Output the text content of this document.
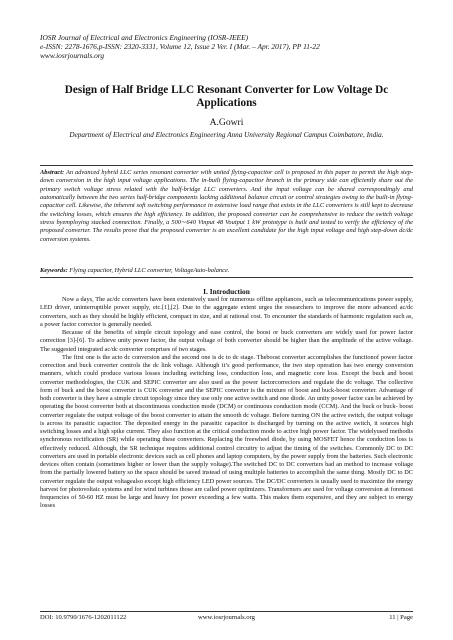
IOSR Journal of Electrical and Electronics Engineering (IOSR-JEEE)
e-ISSN: 2278-1676,p-ISSN: 2320-3331, Volume 12, Issue 2 Ver. I (Mar. – Apr. 2017), PP 11-22
www.iosrjournals.org
Design of Half Bridge LLC Resonant Converter for Low Voltage Dc Applications
A.Gowri
Department of Electrical and Electronics Engineering Anna University Regional Campus Coimbatore, India.
Abstract: An advanced hybrid LLC series resonant converter with united flying-capacitor cell is proposed in this paper to permit the high step-down conversion in the high input voltage applications. The in-built flying-capacitor branch in the primary side can efficiently share out the primary switch voltage stress related with the half-bridge LLC converters. And the input voltage can be shared correspondingly and automatically between the two series half-bridge components lacking additional balance circuit or control strategies owing to the built-in flying- capacitor cell. Likewise, the inherent soft switching performance in extensive load range that exists in the LLC converters is still kept to decrease the switching losses, which ensures the high efficiency. In addition, the proposed converter can be comprehensive to reduce the switch voltage stress byemploying stacked connection. Finally, a 500∼640 Vinput 48 Voutput 1 kW prototype is built and tested to verify the efficiency of the proposed converter. The results prove that the proposed converter is an excellent candidate for the high input voltage and high step-down dc/dc conversion systems.
Keywords: Flying capacitor, Hybrid LLC converter, VoltageAuto-balance.
I. Introduction

Now a days, The ac/dc converters have been extensively used for numerous offline appliances, such as telecommunications power supply, LED driver, uninterruptible power supply, etc.[1],[2]. Due to the aggregate extent urges the researchers to improve the more advanced ac/dc converters, such as they should be highly efficient, compact in size, and at rational cost. To encounter the standards of harmonic regulation such as, a power factor corrector is generally needed.

Because of the benefits of simple circuit topology and ease control, the boost or buck converters are widely used for power factor correction [3]-[6]. To achieve unity power factor, the output voltage of both converter should be higher than the amplitude of the active voltage. The suggested integrated ac/dc converter comprises of two stages.

The first one is the acto dc conversion and the second one is dc to dc stage. Theboost converter accomplishes the functionof power factor correction and buck converter controls the dc link voltage. Although it’s good performance, the two step operation has two energy conversion manners, which could produce various losses including switching loss, conduction loss, and magnetic core loss. Except the buck and boost converter methodologies, the CUK and SEPIC converter are also used as the power factorcorrectors and regulate the dc voltage. The collective form of buck and the boost converter is CUK converter and the SEPIC converter is the mixture of boost and buck-boost converter. Advantage of both converter is they have a simple circuit topology since they use only one active switch and one diode. An unity power factor can be achieved by operating the boost converter both at discontinuous conduction mode (DCM) or continuous conduction mode (CCM). And the buck or buck- boost converter regulate the output voltage of the boost converter to attain the smooth dc voltage. Before turning ON the active switch, the output voltage is across its parasitic capacitor. The deposited energy in the parasitic capacitor is discharged by turning on the active switch, it sources high switching losses and a high spike current. They also function at the critical conduction mode to active high power factor. The widelyused methodis synchronous rectification (SR) while operating these converters. Replacing the freewheel diode, by using MOSFET hence the conduction loss is effectively reduced. Although, the SR technique requires additional control circuitry to adjust the timing of the switches. Commonly DC to DC converters are used in portable electronic devices such as cell phones and laptop computers, by the power supply from the batteries. Such electronic devices often contain (sometimes higher or lower than the supply voltage).The switched DC to DC converters had an method to increase voltage from the partially lowered battery so the space should be saved instead of using multiple batteries to accomplish the same thing. Mostly DC to DC converter regulate the output voltagealso except high efficiency LED power sources. The DC/DC converters is usually used to maximize the energy harvest for photovoltaic systems and for wind turbines those are called power optimizers. Transformers are used for voltage conversion at foremost frequencies of 50-60 HZ must be large and heavy for power exceeding a few watts. This makes them expensive, and they are subject to energy losses

DOI: 10.9790/1676-1202011122	www.iosrjournals.org	11 | Page
